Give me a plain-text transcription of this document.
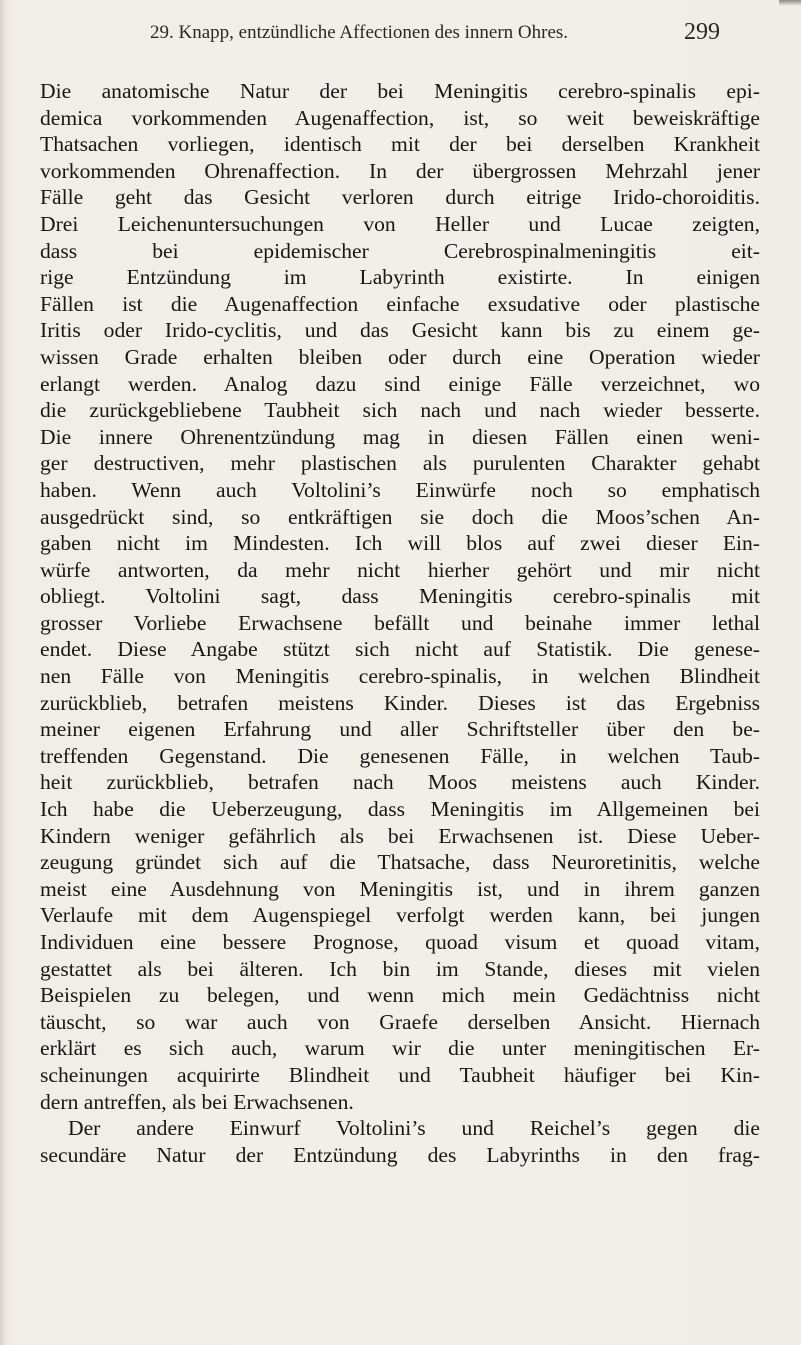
29. Knapp, entzündliche Affectionen des innern Ohres.	299
Die anatomische Natur der bei Meningitis cerebro-spinalis epi-
demica vorkommenden Augenaffection, ist, so weit beweiskräftige
Thatsachen vorliegen, identisch mit der bei derselben Krankheit
vorkommenden Ohrenaffection. In der übergrossen Mehrzahl jener
Fälle geht das Gesicht verloren durch eitrige Irido-choroiditis.
Drei Leichenuntersuchungen von Heller und Lucae zeigten,
dass bei epidemischer Cerebrospinalmeningitis eit-
rige Entzündung im Labyrinth existirte. In einigen
Fällen ist die Augenaffection einfache exsudative oder plastische
Iritis oder Irido-cyclitis, und das Gesicht kann bis zu einem ge-
wissen Grade erhalten bleiben oder durch eine Operation wieder
erlangt werden. Analog dazu sind einige Fälle verzeichnet, wo
die zurückgebliebene Taubheit sich nach und nach wieder besserte.
Die innere Ohrenentzündung mag in diesen Fällen einen weni-
ger destructiven, mehr plastischen als purulenten Charakter gehabt
haben. Wenn auch Voltolini’s Einwürfe noch so emphatisch
ausgedrückt sind, so entkräftigen sie doch die Moos’schen An-
gaben nicht im Mindesten. Ich will blos auf zwei dieser Ein-
würfe antworten, da mehr nicht hierher gehört und mir nicht
obliegt. Voltolini sagt, dass Meningitis cerebro-spinalis mit
grosser Vorliebe Erwachsene befällt und beinahe immer lethal
endet. Diese Angabe stützt sich nicht auf Statistik. Die genese-
nen Fälle von Meningitis cerebro-spinalis, in welchen Blindheit
zurückblieb, betrafen meistens Kinder. Dieses ist das Ergebniss
meiner eigenen Erfahrung und aller Schriftsteller über den be-
treffenden Gegenstand. Die genesenen Fälle, in welchen Taub-
heit zurückblieb, betrafen nach Moos meistens auch Kinder.
Ich habe die Ueberzeugung, dass Meningitis im Allgemeinen bei
Kindern weniger gefährlich als bei Erwachsenen ist. Diese Ueber-
zeugung gründet sich auf die Thatsache, dass Neuroretinitis, welche
meist eine Ausdehnung von Meningitis ist, und in ihrem ganzen
Verlaufe mit dem Augenspiegel verfolgt werden kann, bei jungen
Individuen eine bessere Prognose, quoad visum et quoad vitam,
gestattet als bei älteren. Ich bin im Stande, dieses mit vielen
Beispielen zu belegen, und wenn mich mein Gedächtniss nicht
täuscht, so war auch von Graefe derselben Ansicht. Hiernach
erklärt es sich auch, warum wir die unter meningitischen Er-
scheinungen acquirirte Blindheit und Taubheit häufiger bei Kin-
dern antreffen, als bei Erwachsenen.
Der andere Einwurf Voltolini’s und Reichel’s gegen die
secundäre Natur der Entzündung des Labyrinths in den frag-
